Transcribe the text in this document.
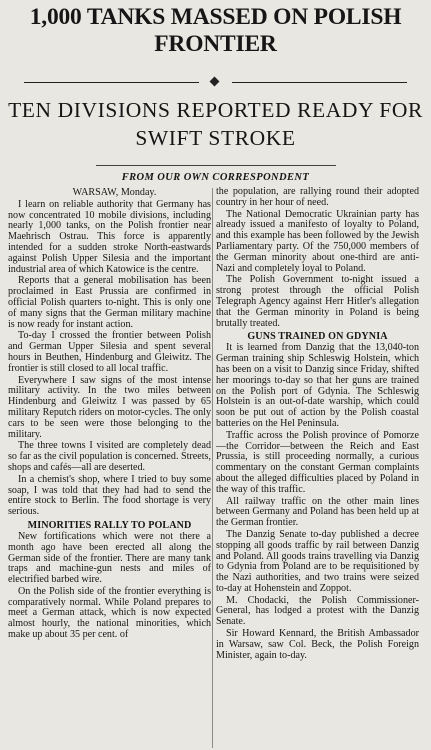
1,000 TANKS MASSED ON POLISH FRONTIER
TEN DIVISIONS REPORTED READY FOR SWIFT STROKE
FROM OUR OWN CORRESPONDENT

WARSAW, Monday.

I learn on reliable authority that Germany has now concentrated 10 mobile divisions, including nearly 1,000 tanks, on the Polish frontier near Maehrisch Ostrau. This force is apparently intended for a sudden stroke North-eastwards against Polish Upper Silesia and the important industrial area of which Katowice is the centre.

Reports that a general mobilisation has been proclaimed in East Prussia are confirmed in official Polish quarters to-night. This is only one of many signs that the German military machine is now ready for instant action.

To-day I crossed the frontier between Polish and German Upper Silesia and spent several hours in Beuthen, Hindenburg and Gleiwitz. The frontier is still closed to all local traffic.

Everywhere I saw signs of the most intense military activity. In the two miles between Hindenburg and Gleiwitz I was passed by 65 military Reputch riders on motor-cycles. The only cars to be seen were those belonging to the military.

The three towns I visited are completely dead so far as the civil population is concerned. Streets, shops and cafés—all are deserted.

In a chemist's shop, where I tried to buy some soap, I was told that they had had to send the entire stock to Berlin. The food shortage is very serious.

MINORITIES RALLY TO POLAND

New fortifications which were not there a month ago have been erected all along the German side of the frontier. There are many tank traps and machine-gun nests and miles of electrified barbed wire.

On the Polish side of the frontier everything is comparatively normal. While Poland prepares to meet a German attack, which is now expected almost hourly, the national minorities, which make up about 35 per cent. of

the population, are rallying round their adopted country in her hour of need.

The National Democratic Ukrainian party has already issued a manifesto of loyalty to Poland, and this example has been followed by the Jewish Parliamentary party. Of the 750,000 members of the German minority about one-third are anti-Nazi and completely loyal to Poland.

The Polish Government to-night issued a strong protest through the official Polish Telegraph Agency against Herr Hitler's allegation that the German minority in Poland is being brutally treated.

GUNS TRAINED ON GDYNIA

It is learned from Danzig that the 13,040-ton German training ship Schleswig Holstein, which has been on a visit to Danzig since Friday, shifted her moorings to-day so that her guns are trained on the Polish port of Gdynia. The Schleswig Holstein is an out-of-date warship, which could soon be put out of action by the Polish coastal batteries on the Hel Peninsula.

Traffic across the Polish province of Pomorze—the Corridor—between the Reich and East Prussia, is still proceeding normally, a curious commentary on the constant German complaints about the alleged difficulties placed by Poland in the way of this traffic.

All railway traffic on the other main lines between Germany and Poland has been held up at the German frontier.

The Danzig Senate to-day published a decree stopping all goods traffic by rail between Danzig and Poland. All goods trains travelling via Danzig to Gdynia from Poland are to be requisitioned by the Nazi authorities, and two trains were seized to-day at Hohenstein and Zoppot.

M. Chodacki, the Polish Commissioner-General, has lodged a protest with the Danzig Senate.

Sir Howard Kennard, the British Ambassador in Warsaw, saw Col. Beck, the Polish Foreign Minister, again to-day.
